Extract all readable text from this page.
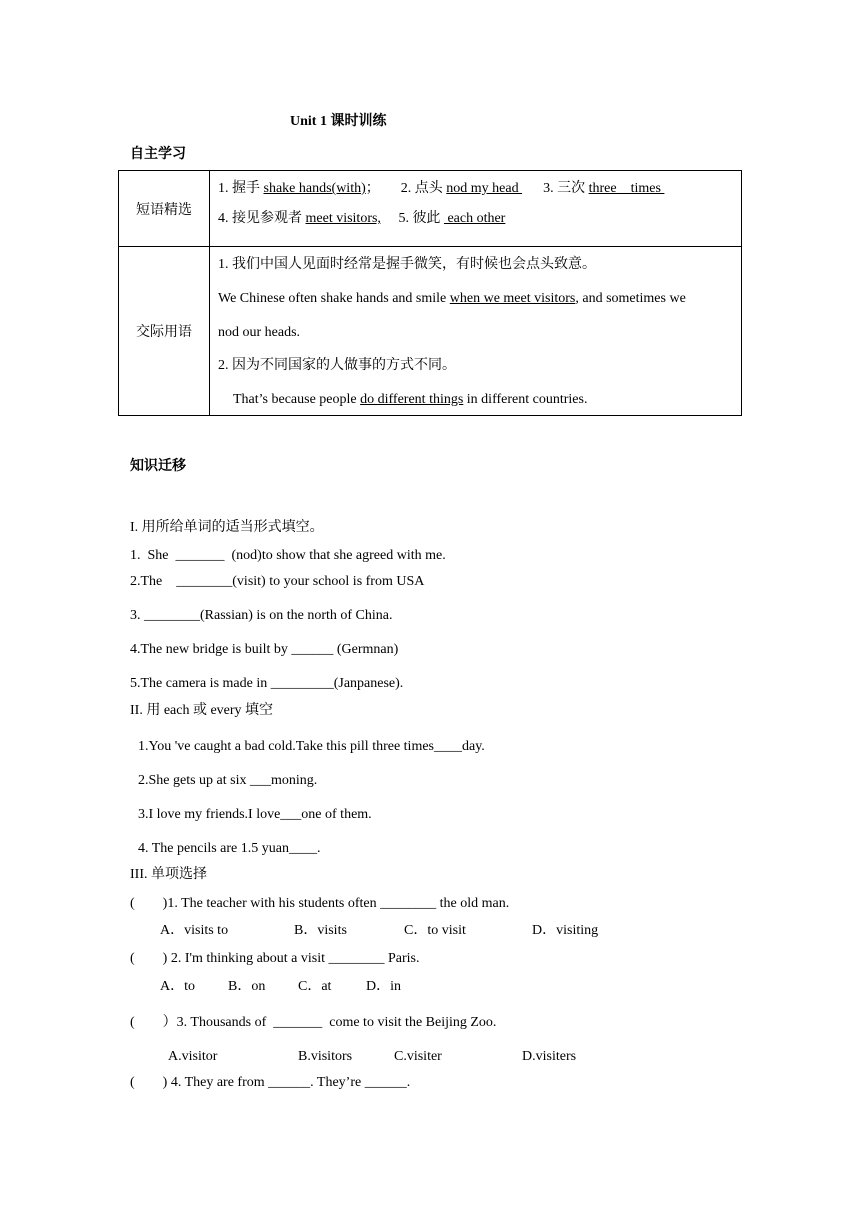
Unit 1 课时训练
自主学习
短语精选	1. 握手 shake hands(with)； 2. 点头 nod my head       3. 三次 three    times
4. 接见参观者 meet visitors, 5. 彼此  each other

交际用语	1. 我们中国人见面时经常是握手微笑，有时候也会点头致意。
We Chinese often shake hands and smile when we meet visitors, and sometimes we
nod our heads.
2. 因为不同国家的人做事的方式不同。
That’s because people do different things in different countries.
知识迁移
I. 用所给单词的适当形式填空。
1.  She  _______  (nod)to show that she agreed with me.
2.The    ________(visit) to your school is from USA
3. ________(Rassian) is on the north of China.
4.The new bridge is built by ______ (Germnan)
5.The camera is made in _________(Janpanese).
II. 用 each 或 every 填空
1.You 've caught a bad cold.Take this pill three times____day.
2.She gets up at six ___moning.
3.I love my friends.I love___one of them.
4. The pencils are 1.5 yuan____.
III. 单项选择
(        )1. The teacher with his students often ________ the old man.
A．visits to	B．visits	C．to visit	D．visiting
(        ) 2. I'm thinking about a visit ________ Paris.
A．to B．on C．at D．in
(        ）3. Thousands of  _______  come to visit the Beijing Zoo.
A.visitor	B.visitors	C.visiter	D.visiters
(        ) 4. They are from ______. They’re ______.
